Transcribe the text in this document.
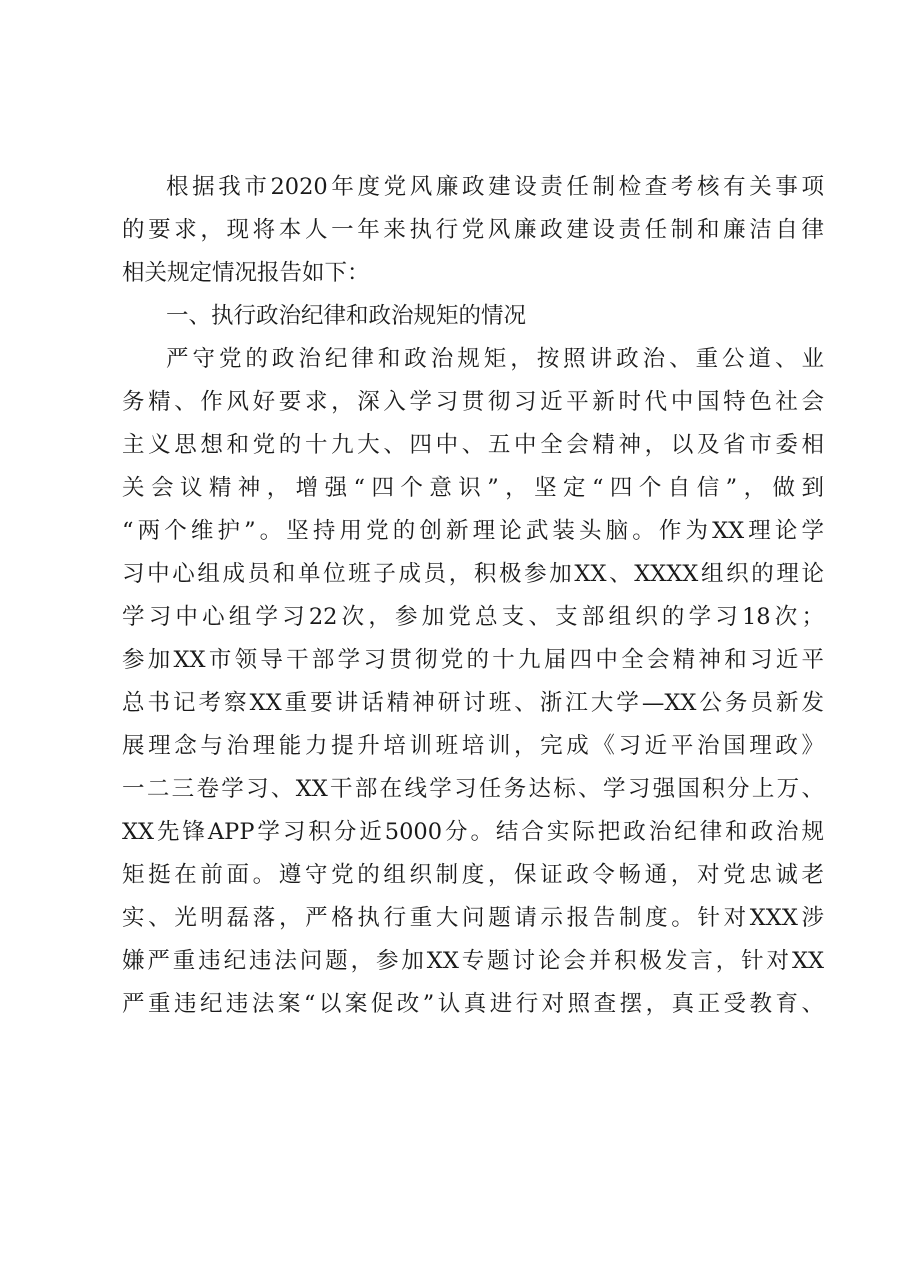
根据我市2020年度党风廉政建设责任制检查考核有关事项
的要求，现将本人一年来执行党风廉政建设责任制和廉洁自律
相关规定情况报告如下：
一、执行政治纪律和政治规矩的情况
严守党的政治纪律和政治规矩，按照讲政治、重公道、业
务精、作风好要求，深入学习贯彻习近平新时代中国特色社会
主义思想和党的十九大、四中、五中全会精神，以及省市委相
关会议精神，增强“四个意识”，坚定“四个自信”，做到
“两个维护”。坚持用党的创新理论武装头脑。作为XX理论学
习中心组成员和单位班子成员，积极参加XX、XXXX组织的理论
学习中心组学习22次，参加党总支、支部组织的学习18次；
参加XX市领导干部学习贯彻党的十九届四中全会精神和习近平
总书记考察XX重要讲话精神研讨班、浙江大学—XX公务员新发
展理念与治理能力提升培训班培训，完成《习近平治国理政》
一二三卷学习、XX干部在线学习任务达标、学习强国积分上万、
XX先锋APP学习积分近5000分。结合实际把政治纪律和政治规
矩挺在前面。遵守党的组织制度，保证政令畅通，对党忠诚老
实、光明磊落，严格执行重大问题请示报告制度。针对XXX涉
嫌严重违纪违法问题，参加XX专题讨论会并积极发言，针对XX
严重违纪违法案“以案促改”认真进行对照查摆，真正受教育、
